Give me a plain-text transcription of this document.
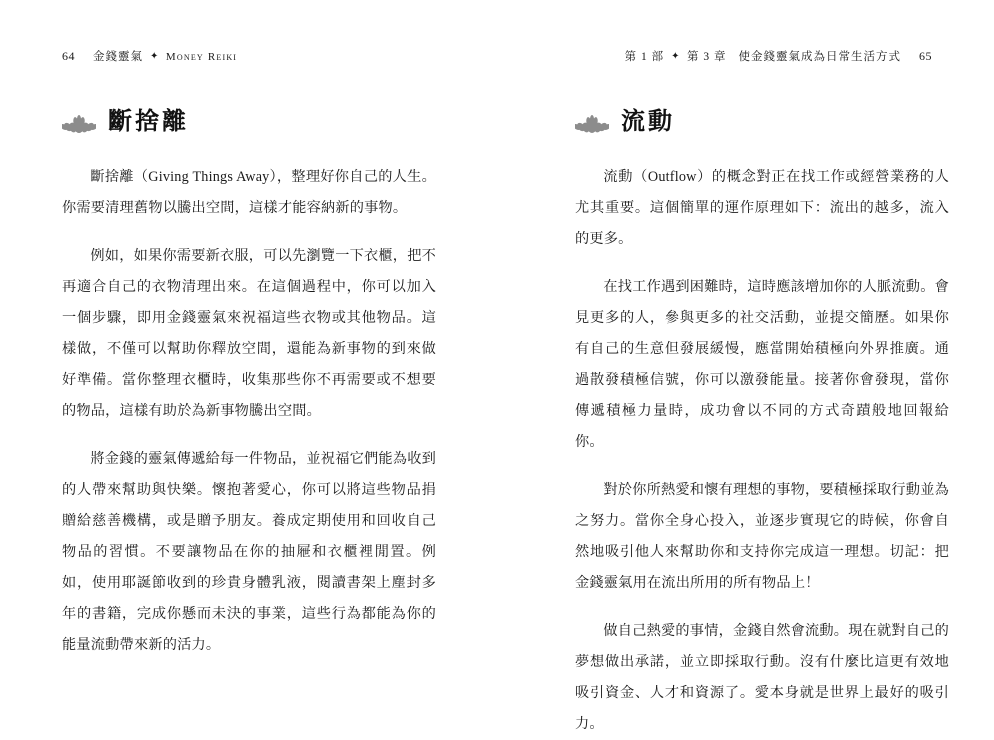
64 金錢靈氣 ✦ Money Reiki
斷捨離

斷捨離（Giving Things Away），整理好你自己的人生。你需要清理舊物以騰出空間，這樣才能容納新的事物。

例如，如果你需要新衣服，可以先瀏覽一下衣櫃，把不再適合自己的衣物清理出來。在這個過程中，你可以加入一個步驟，即用金錢靈氣來祝福這些衣物或其他物品。這樣做，不僅可以幫助你釋放空間，還能為新事物的到來做好準備。當你整理衣櫃時，收集那些你不再需要或不想要的物品，這樣有助於為新事物騰出空間。

將金錢的靈氣傳遞給每一件物品，並祝福它們能為收到的人帶來幫助與快樂。懷抱著愛心，你可以將這些物品捐贈給慈善機構，或是贈予朋友。養成定期使用和回收自己物品的習慣。不要讓物品在你的抽屜和衣櫃裡閒置。例如，使用耶誕節收到的珍貴身體乳液，閱讀書架上塵封多年的書籍，完成你懸而未決的事業，這些行為都能為你的能量流動帶來新的活力。

第 1 部 ✦ 第 3 章 使金錢靈氣成為日常生活方式 65
流動

流動（Outflow）的概念對正在找工作或經營業務的人尤其重要。這個簡單的運作原理如下：流出的越多，流入的更多。

在找工作遇到困難時，這時應該增加你的人脈流動。會見更多的人，參與更多的社交活動，並提交簡歷。如果你有自己的生意但發展緩慢，應當開始積極向外界推廣。通過散發積極信號，你可以激發能量。接著你會發現，當你傳遞積極力量時，成功會以不同的方式奇蹟般地回報給你。

對於你所熱愛和懷有理想的事物，要積極採取行動並為之努力。當你全身心投入，並逐步實現它的時候，你會自然地吸引他人來幫助你和支持你完成這一理想。切記：把金錢靈氣用在流出所用的所有物品上！

做自己熱愛的事情，金錢自然會流動。現在就對自己的夢想做出承諾，並立即採取行動。沒有什麼比這更有效地吸引資金、人才和資源了。愛本身就是世界上最好的吸引力。
